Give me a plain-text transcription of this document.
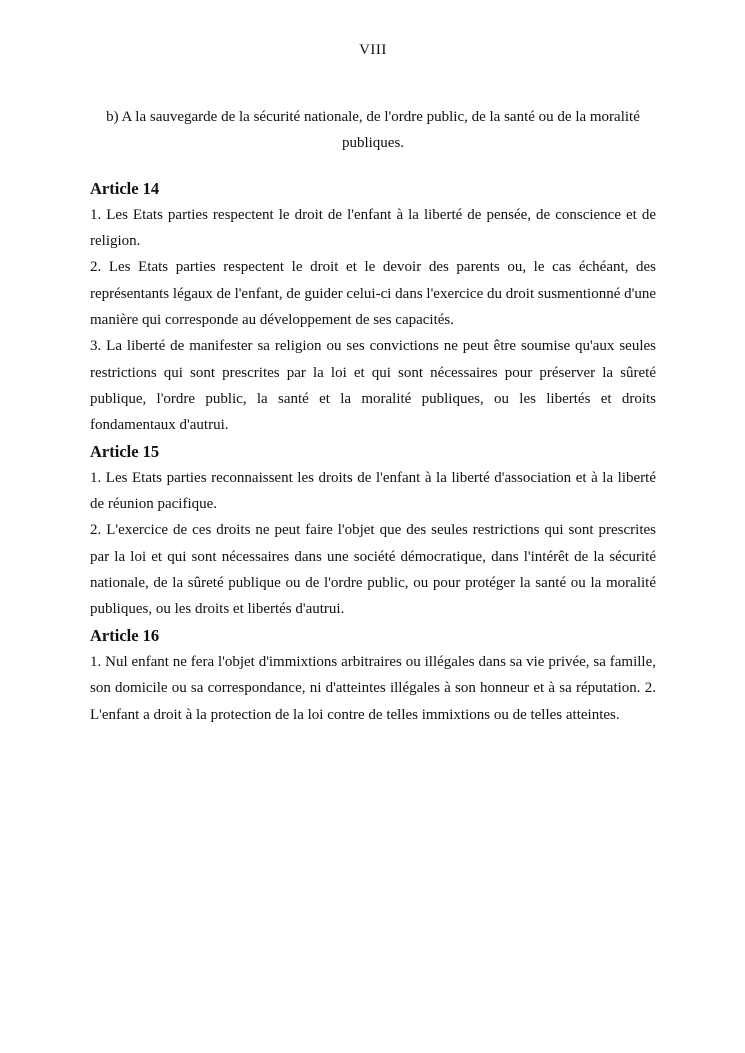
VIII

b) A la sauvegarde de la sécurité nationale, de l'ordre public, de la santé ou de la moralité publiques.

Article 14

1. Les Etats parties respectent le droit de l'enfant à la liberté de pensée, de conscience et de religion.

2. Les Etats parties respectent le droit et le devoir des parents ou, le cas échéant, des représentants légaux de l'enfant, de guider celui-ci dans l'exercice du droit susmentionné d'une manière qui corresponde au développement de ses capacités.

3. La liberté de manifester sa religion ou ses convictions ne peut être soumise qu'aux seules restrictions qui sont prescrites par la loi et qui sont nécessaires pour préserver la sûreté publique, l'ordre public, la santé et la moralité publiques, ou les libertés et droits fondamentaux d'autrui.

Article 15

1. Les Etats parties reconnaissent les droits de l'enfant à la liberté d'association et à la liberté de réunion pacifique.

2. L'exercice de ces droits ne peut faire l'objet que des seules restrictions qui sont prescrites par la loi et qui sont nécessaires dans une société démocratique, dans l'intérêt de la sécurité nationale, de la sûreté publique ou de l'ordre public, ou pour protéger la santé ou la moralité publiques, ou les droits et libertés d'autrui.

Article 16

1. Nul enfant ne fera l'objet d'immixtions arbitraires ou illégales dans sa vie privée, sa famille, son domicile ou sa correspondance, ni d'atteintes illégales à son honneur et à sa réputation. 2. L'enfant a droit à la protection de la loi contre de telles immixtions ou de telles atteintes.
